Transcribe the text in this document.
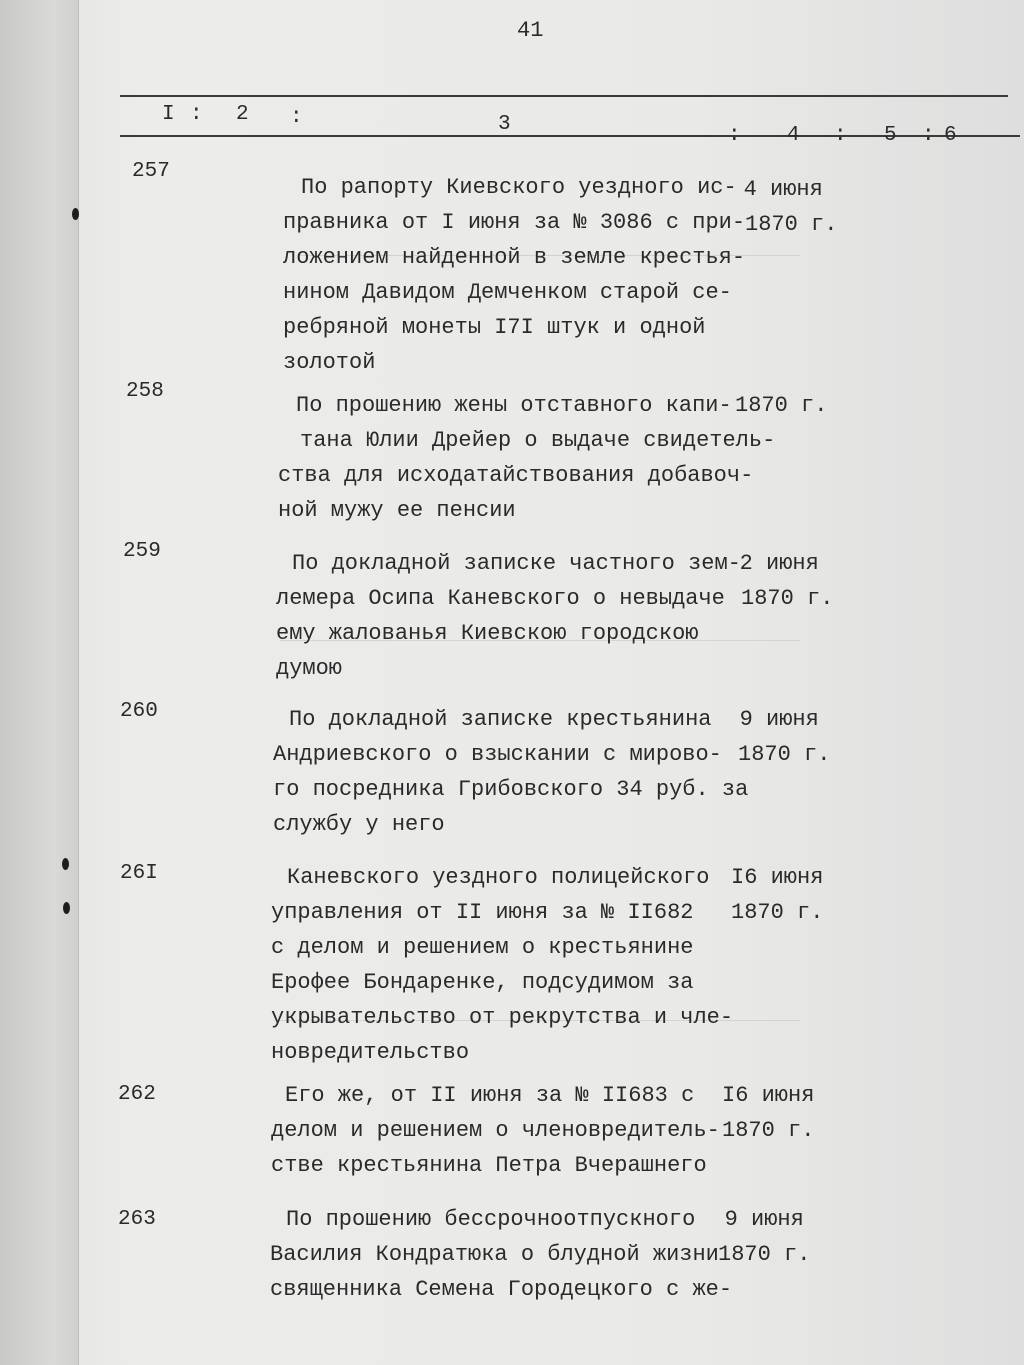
41
I : 2 :	3	: 4 : 5 : 6
257
По рапорту Киевского уездного ис-
правника от I июня за № 3086 с при-
ложением найденной в земле крестья-
нином Давидом Демченком старой се-
ребряной монеты I7I штук и одной
золотой
4 июня
1870 г.
258
По прошению жены отставного капи-
тана Юлии Дрейер о выдаче свидетель-
ства для исходатайствования добавоч-
ной мужу ее пенсии
1870 г.
259	По докладной записке частного зем-
лемера Осипа Каневского о невыдаче
ему жалованья Киевскою городскою
думою
2 июня
1870 г.
260	По докладной записке крестьянина
Андриевского о взыскании с мирово-
го посредника Грибовского 34 руб. за
службу у него
9 июня
1870 г.
26I	Каневского уездного полицейского
управления от II июня за № II682
с делом и решением о крестьянине
Ерофее Бондаренке, подсудимом за
укрывательство от рекрутства и чле-
новредительство
I6 июня
1870 г.
262	Его же, от II июня за № II683 с
делом и решением о членовредитель-
стве крестьянина Петра Вчерашнего
I6 июня
1870 г.
263	По прошению бессрочноотпускного
Василия Кондратюка о блудной жизни
священника Семена Городецкого с же-
9 июня
1870 г.
